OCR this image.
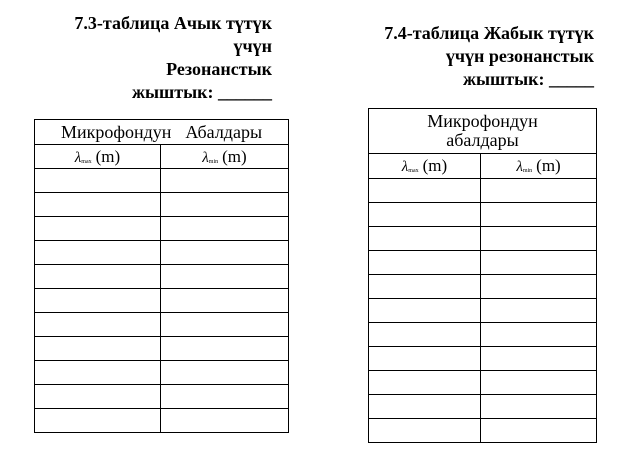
7.3-таблица Ачык түтүк
үчүн
Резонанстык
жыштык: ______
Микрофондун Абалдары	
λmax (m)	λmin (m)

7.4-таблица Жабык түтүк
үчүн резонанстык
жыштык: _____
Микрофондун
абалдары	

λmax (m)	λmin (m)
